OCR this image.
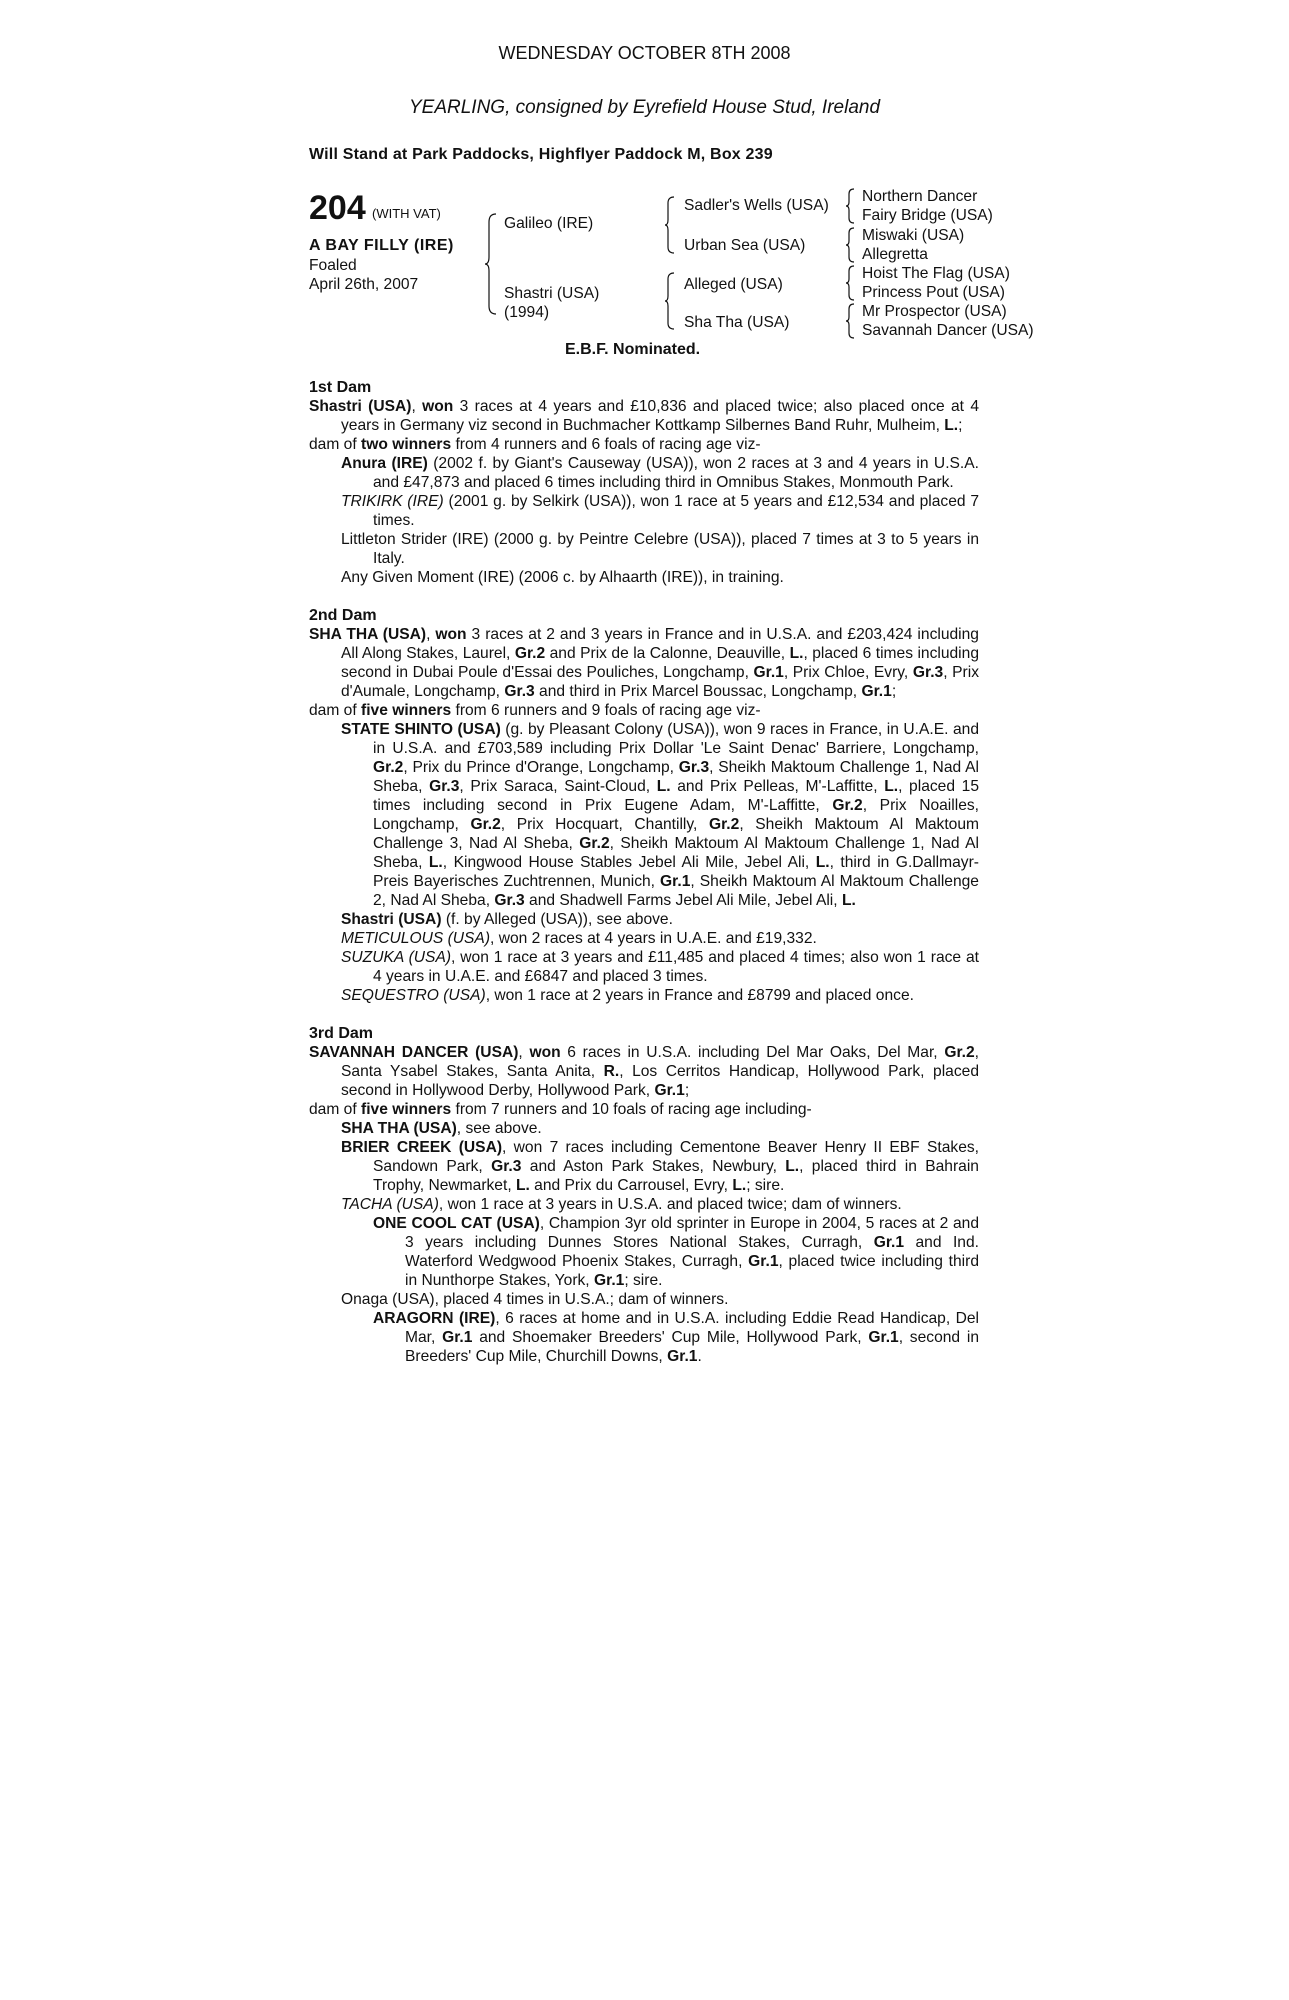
WEDNESDAY OCTOBER 8TH 2008
YEARLING, consigned by Eyrefield House Stud, Ireland
Will Stand at Park Paddocks, Highflyer Paddock M, Box 239
204 (WITH VAT)
A BAY FILLY (IRE)
Foaled
April 26th, 2007
Galileo (IRE)
Shastri (USA)
(1994)
Sadler's Wells (USA)
Urban Sea (USA)
Alleged (USA)
Sha Tha (USA)
Northern Dancer
Fairy Bridge (USA)
Miswaki (USA)
Allegretta
Hoist The Flag (USA)
Princess Pout (USA)
Mr Prospector (USA)
Savannah Dancer (USA)
E.B.F. Nominated.
1st Dam

Shastri (USA), won 3 races at 4 years and £10,836 and placed twice; also placed once at 4 years in Germany viz second in Buchmacher Kottkamp Silbernes Band Ruhr, Mulheim, L.;

dam of two winners from 4 runners and 6 foals of racing age viz-

Anura (IRE) (2002 f. by Giant's Causeway (USA)), won 2 races at 3 and 4 years in U.S.A. and £47,873 and placed 6 times including third in Omnibus Stakes, Monmouth Park.

TRIKIRK (IRE) (2001 g. by Selkirk (USA)), won 1 race at 5 years and £12,534 and placed 7 times.

Littleton Strider (IRE) (2000 g. by Peintre Celebre (USA)), placed 7 times at 3 to 5 years in Italy.

Any Given Moment (IRE) (2006 c. by Alhaarth (IRE)), in training.

2nd Dam

SHA THA (USA), won 3 races at 2 and 3 years in France and in U.S.A. and £203,424 including All Along Stakes, Laurel, Gr.2 and Prix de la Calonne, Deauville, L., placed 6 times including second in Dubai Poule d'Essai des Pouliches, Longchamp, Gr.1, Prix Chloe, Evry, Gr.3, Prix d'Aumale, Longchamp, Gr.3 and third in Prix Marcel Boussac, Longchamp, Gr.1;

dam of five winners from 6 runners and 9 foals of racing age viz-

STATE SHINTO (USA) (g. by Pleasant Colony (USA)), won 9 races in France, in U.A.E. and in U.S.A. and £703,589 including Prix Dollar 'Le Saint Denac' Barriere, Longchamp, Gr.2, Prix du Prince d'Orange, Longchamp, Gr.3, Sheikh Maktoum Challenge 1, Nad Al Sheba, Gr.3, Prix Saraca, Saint-Cloud, L. and Prix Pelleas, M'-Laffitte, L., placed 15 times including second in Prix Eugene Adam, M'-Laffitte, Gr.2, Prix Noailles, Longchamp, Gr.2, Prix Hocquart, Chantilly, Gr.2, Sheikh Maktoum Al Maktoum Challenge 3, Nad Al Sheba, Gr.2, Sheikh Maktoum Al Maktoum Challenge 1, Nad Al Sheba, L., Kingwood House Stables Jebel Ali Mile, Jebel Ali, L., third in G.Dallmayr-Preis Bayerisches Zuchtrennen, Munich, Gr.1, Sheikh Maktoum Al Maktoum Challenge 2, Nad Al Sheba, Gr.3 and Shadwell Farms Jebel Ali Mile, Jebel Ali, L.

Shastri (USA) (f. by Alleged (USA)), see above.

METICULOUS (USA), won 2 races at 4 years in U.A.E. and £19,332.

SUZUKA (USA), won 1 race at 3 years and £11,485 and placed 4 times; also won 1 race at 4 years in U.A.E. and £6847 and placed 3 times.

SEQUESTRO (USA), won 1 race at 2 years in France and £8799 and placed once.

3rd Dam

SAVANNAH DANCER (USA), won 6 races in U.S.A. including Del Mar Oaks, Del Mar, Gr.2, Santa Ysabel Stakes, Santa Anita, R., Los Cerritos Handicap, Hollywood Park, placed second in Hollywood Derby, Hollywood Park, Gr.1;

dam of five winners from 7 runners and 10 foals of racing age including-

SHA THA (USA), see above.

BRIER CREEK (USA), won 7 races including Cementone Beaver Henry II EBF Stakes, Sandown Park, Gr.3 and Aston Park Stakes, Newbury, L., placed third in Bahrain Trophy, Newmarket, L. and Prix du Carrousel, Evry, L.; sire.

TACHA (USA), won 1 race at 3 years in U.S.A. and placed twice; dam of winners.

ONE COOL CAT (USA), Champion 3yr old sprinter in Europe in 2004, 5 races at 2 and 3 years including Dunnes Stores National Stakes, Curragh, Gr.1 and Ind. Waterford Wedgwood Phoenix Stakes, Curragh, Gr.1, placed twice including third in Nunthorpe Stakes, York, Gr.1; sire.

Onaga (USA), placed 4 times in U.S.A.; dam of winners.

ARAGORN (IRE), 6 races at home and in U.S.A. including Eddie Read Handicap, Del Mar, Gr.1 and Shoemaker Breeders' Cup Mile, Hollywood Park, Gr.1, second in Breeders' Cup Mile, Churchill Downs, Gr.1.
